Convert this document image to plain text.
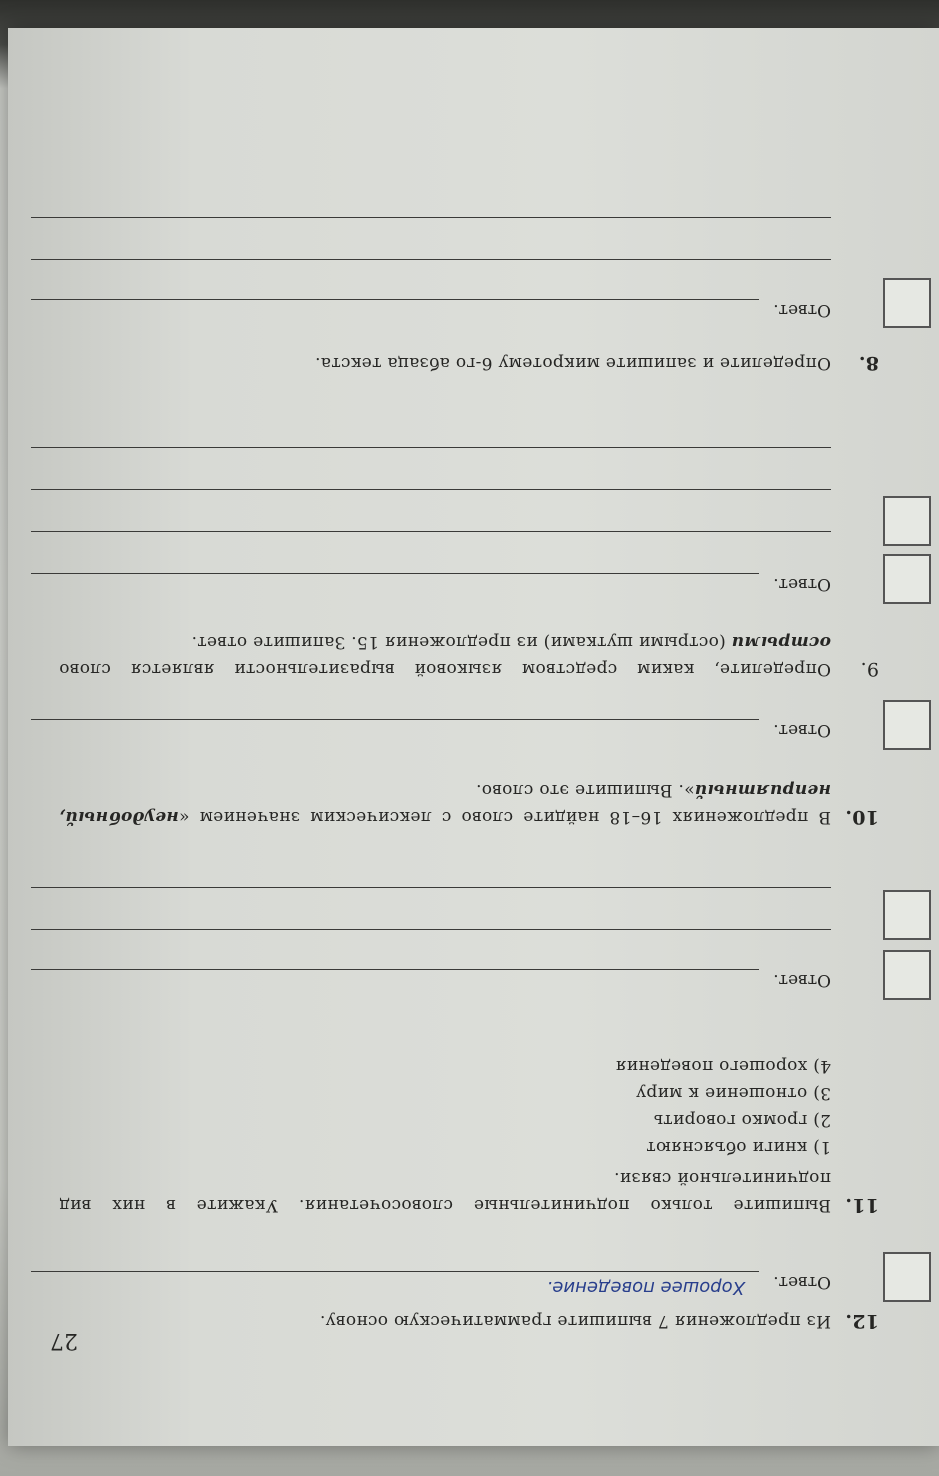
27
12.
Из предложения 7 выпишите грамматическую основу.
Ответ.
Хорошее поведение.
11.
Выпишите только подчинительные словосочетания. Укажите в них вид подчинительной связи.
1) книги объясняют
2) громко говорить
3) отношение к миру
4) хорошего поведения
Ответ.
10.
В предложениях 16–18 найдите слово с лексическим значением «неудобный, неприятный». Выпишите это слово.
Ответ.
9.
Определите, каким средством языковой выразительности является слово острыми (острыми шутками) из предложения 15. Запишите ответ.
Ответ.
8.
Определите и запишите микротему 6-го абзаца текста.
Ответ.
